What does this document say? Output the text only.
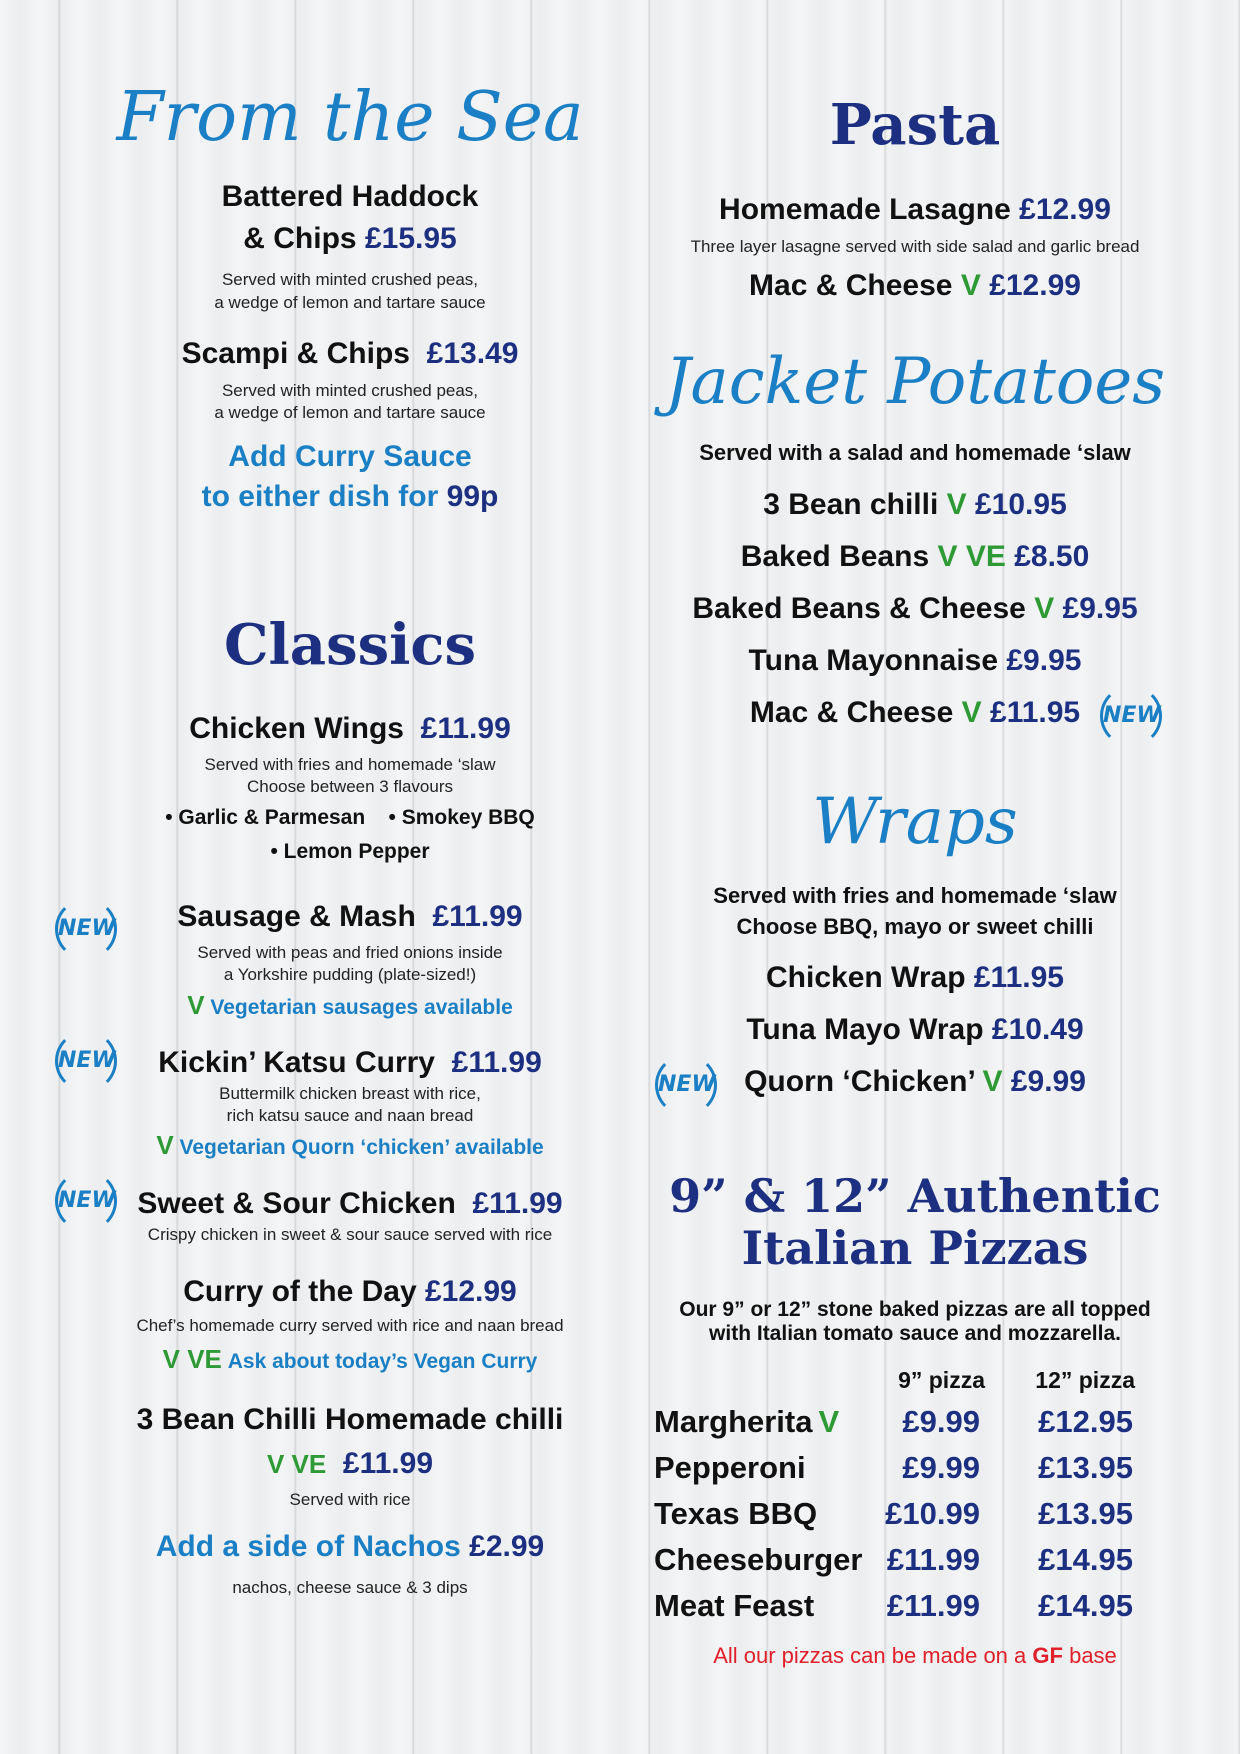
From the Sea
Battered Haddock
& Chips £15.95
Served with minted crushed peas,
a wedge of lemon and tartare sauce
Scampi & Chips £13.49
Served with minted crushed peas,
a wedge of lemon and tartare sauce
Add Curry Sauce
to either dish for 99p
Classics
Chicken Wings £11.99
Served with fries and homemade ‘slaw
Choose between 3 flavours
• Garlic & Parmesan • Smokey BBQ
• Lemon Pepper
Sausage & Mash £11.99
Served with peas and fried onions inside
a Yorkshire pudding (plate-sized!)
V Vegetarian sausages available
Kickin’ Katsu Curry £11.99
Buttermilk chicken breast with rice,
rich katsu sauce and naan bread
V Vegetarian Quorn ‘chicken’ available
Sweet & Sour Chicken £11.99
Crispy chicken in sweet & sour sauce served with rice
Curry of the Day £12.99
Chef’s homemade curry served with rice and naan bread
V VE Ask about today’s Vegan Curry
3 Bean Chilli Homemade chilli
V VE £11.99
Served with rice
Add a side of Nachos £2.99
nachos, cheese sauce & 3 dips
NEW
NEW
NEW
Pasta
Homemade Lasagne £12.99
Three layer lasagne served with side salad and garlic bread
Mac & Cheese V £12.99
Jacket Potatoes
Served with a salad and homemade ‘slaw
3 Bean chilli V £10.95
Baked Beans V VE £8.50
Baked Beans & Cheese V £9.95
Tuna Mayonnaise £9.95
Mac & Cheese V £11.95
Wraps
Served with fries and homemade ‘slaw
Choose BBQ, mayo or sweet chilli
Chicken Wrap £11.95
Tuna Mayo Wrap £10.49
Quorn ‘Chicken’ V £9.99
9” & 12” Authentic
Italian Pizzas
Our 9” or 12” stone baked pizzas are all topped
with Italian tomato sauce and mozzarella.
9” pizza 12” pizza
Margherita V £9.99 £12.95
Pepperoni	£9.99 £13.95
Texas BBQ £10.99 £13.95
Cheeseburger £11.99 £14.95
Meat Feast £11.99 £14.95
All our pizzas can be made on a GF base
NEW
NEW
